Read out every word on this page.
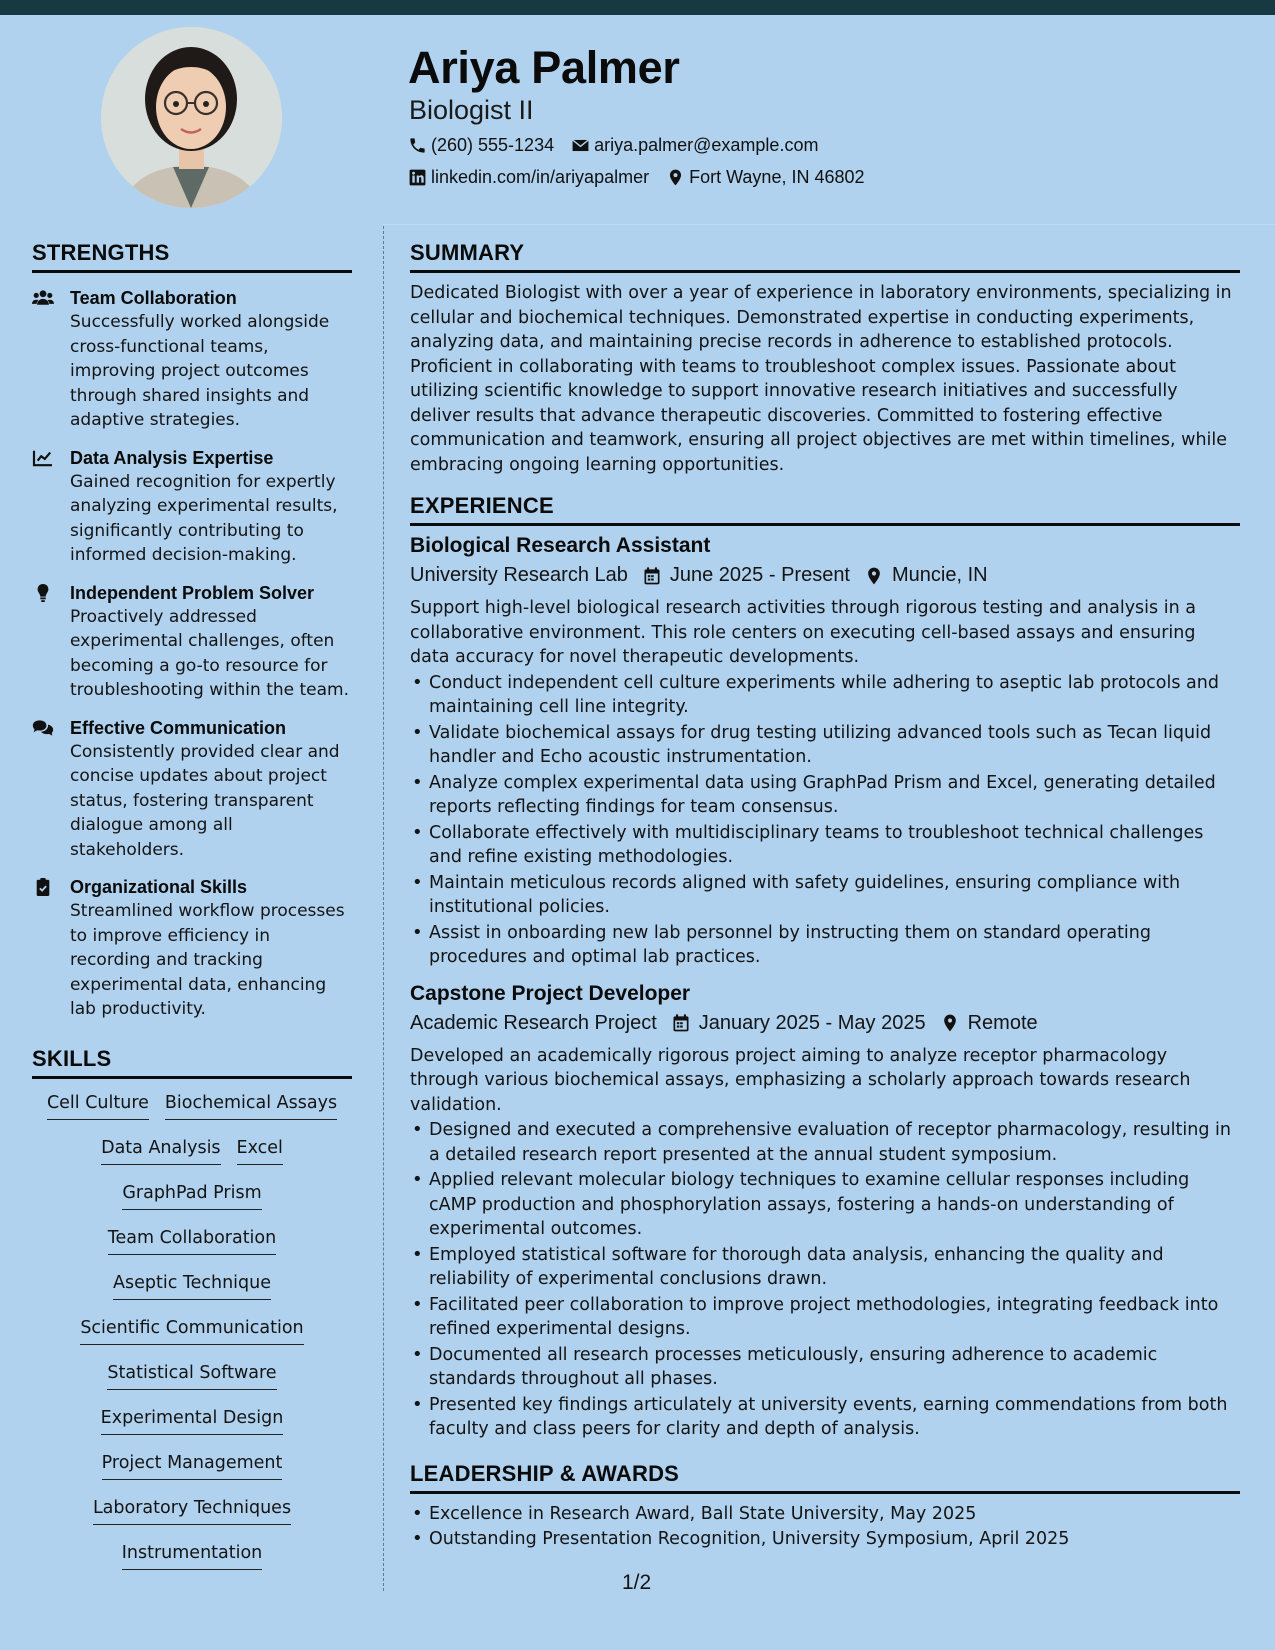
Ariya Palmer
Biologist II
(260) 555-1234 ariya.palmer@example.com
linkedin.com/in/ariyapalmer Fort Wayne, IN 46802
STRENGTHS
Team Collaboration
Successfully worked alongside cross-functional teams, improving project outcomes through shared insights and adaptive strategies.
Data Analysis Expertise
Gained recognition for expertly analyzing experimental results, significantly contributing to informed decision-making.
Independent Problem Solver
Proactively addressed experimental challenges, often becoming a go-to resource for troubleshooting within the team.
Effective Communication
Consistently provided clear and concise updates about project status, fostering transparent dialogue among all stakeholders.
Organizational Skills
Streamlined workflow processes to improve efficiency in recording and tracking experimental data, enhancing lab productivity.
SKILLS
Cell Culture Biochemical Assays
Data Analysis Excel
GraphPad Prism
Team Collaboration
Aseptic Technique
Scientific Communication
Statistical Software
Experimental Design
Project Management
Laboratory Techniques
Instrumentation
SUMMARY
Dedicated Biologist with over a year of experience in laboratory environments, specializing in cellular and biochemical techniques. Demonstrated expertise in conducting experiments, analyzing data, and maintaining precise records in adherence to established protocols. Proficient in collaborating with teams to troubleshoot complex issues. Passionate about utilizing scientific knowledge to support innovative research initiatives and successfully deliver results that advance therapeutic discoveries. Committed to fostering effective communication and teamwork, ensuring all project objectives are met within timelines, while embracing ongoing learning opportunities.
EXPERIENCE
Biological Research Assistant
University Research Lab June 2025 - Present Muncie, IN
Support high-level biological research activities through rigorous testing and analysis in a collaborative environment. This role centers on executing cell-based assays and ensuring data accuracy for novel therapeutic developments.
• Conduct independent cell culture experiments while adhering to aseptic lab protocols and maintaining cell line integrity.
• Validate biochemical assays for drug testing utilizing advanced tools such as Tecan liquid handler and Echo acoustic instrumentation.
• Analyze complex experimental data using GraphPad Prism and Excel, generating detailed reports reflecting findings for team consensus.
• Collaborate effectively with multidisciplinary teams to troubleshoot technical challenges and refine existing methodologies.
• Maintain meticulous records aligned with safety guidelines, ensuring compliance with institutional policies.
• Assist in onboarding new lab personnel by instructing them on standard operating procedures and optimal lab practices.
Capstone Project Developer
Academic Research Project January 2025 - May 2025 Remote
Developed an academically rigorous project aiming to analyze receptor pharmacology through various biochemical assays, emphasizing a scholarly approach towards research validation.
• Designed and executed a comprehensive evaluation of receptor pharmacology, resulting in a detailed research report presented at the annual student symposium.
• Applied relevant molecular biology techniques to examine cellular responses including cAMP production and phosphorylation assays, fostering a hands-on understanding of experimental outcomes.
• Employed statistical software for thorough data analysis, enhancing the quality and reliability of experimental conclusions drawn.
• Facilitated peer collaboration to improve project methodologies, integrating feedback into refined experimental designs.
• Documented all research processes meticulously, ensuring adherence to academic standards throughout all phases.
• Presented key findings articulately at university events, earning commendations from both faculty and class peers for clarity and depth of analysis.
LEADERSHIP & AWARDS
• Excellence in Research Award, Ball State University, May 2025
• Outstanding Presentation Recognition, University Symposium, April 2025
1/2
